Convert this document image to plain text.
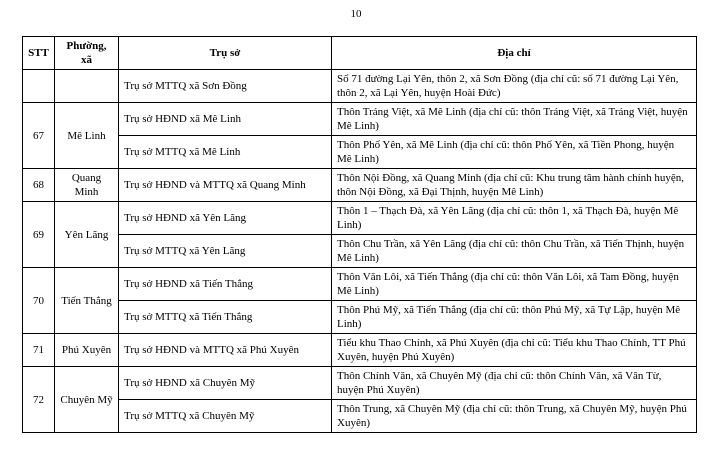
10
STT	Phường, xã	Trụ sở	Địa chỉ
		Trụ sở MTTQ xã Sơn Đồng	Số 71 đường Lại Yên, thôn 2, xã Sơn Đồng (địa chỉ cũ: số 71 đường Lại Yên, thôn 2, xã Lại Yên, huyện Hoài Đức)
67	Mê Linh	Trụ sở HĐND xã Mê Linh	Thôn Tráng Việt, xã Mê Linh (địa chỉ cũ: thôn Tráng Việt, xã Tráng Việt, huyện Mê Linh)
		Trụ sở MTTQ xã Mê Linh	Thôn Phố Yên, xã Mê Linh (địa chỉ cũ: thôn Phố Yên, xã Tiền Phong, huyện Mê Linh)
68	Quang Minh	Trụ sở HĐND và MTTQ xã Quang Minh	Thôn Nội Đồng, xã Quang Minh (địa chỉ cũ: Khu trung tâm hành chính huyện, thôn Nội Đồng, xã Đại Thịnh, huyện Mê Linh)
69	Yên Lãng	Trụ sở HĐND xã Yên Lãng	Thôn 1 – Thạch Đà, xã Yên Lãng (địa chỉ cũ: thôn 1, xã Thạch Đà, huyện Mê Linh)
		Trụ sở MTTQ xã Yên Lãng	Thôn Chu Trần, xã Yên Lãng (địa chỉ cũ: thôn Chu Trần, xã Tiến Thịnh, huyện Mê Linh)
70	Tiến Thắng	Trụ sở HĐND xã Tiến Thắng	Thôn Văn Lôi, xã Tiến Thắng (địa chỉ cũ: thôn Văn Lôi, xã Tam Đồng, huyện Mê Linh)
		Trụ sở MTTQ xã Tiến Thắng	Thôn Phú Mỹ, xã Tiến Thắng (địa chỉ cũ: thôn Phú Mỹ, xã Tự Lập, huyện Mê Linh)
71	Phú Xuyên	Trụ sở HĐND và MTTQ xã Phú Xuyên	Tiểu khu Thao Chính, xã Phú Xuyên (địa chỉ cũ: Tiểu khu Thao Chính, TT Phú Xuyên, huyện Phú Xuyên)
72	Chuyên Mỹ	Trụ sở HĐND xã Chuyên Mỹ	Thôn Chính Văn, xã Chuyên Mỹ (địa chỉ cũ: thôn Chính Văn, xã Vân Từ, huyện Phú Xuyên)
		Trụ sở MTTQ xã Chuyên Mỹ	Thôn Trung, xã Chuyên Mỹ (địa chỉ cũ: thôn Trung, xã Chuyên Mỹ, huyện Phú Xuyên)
